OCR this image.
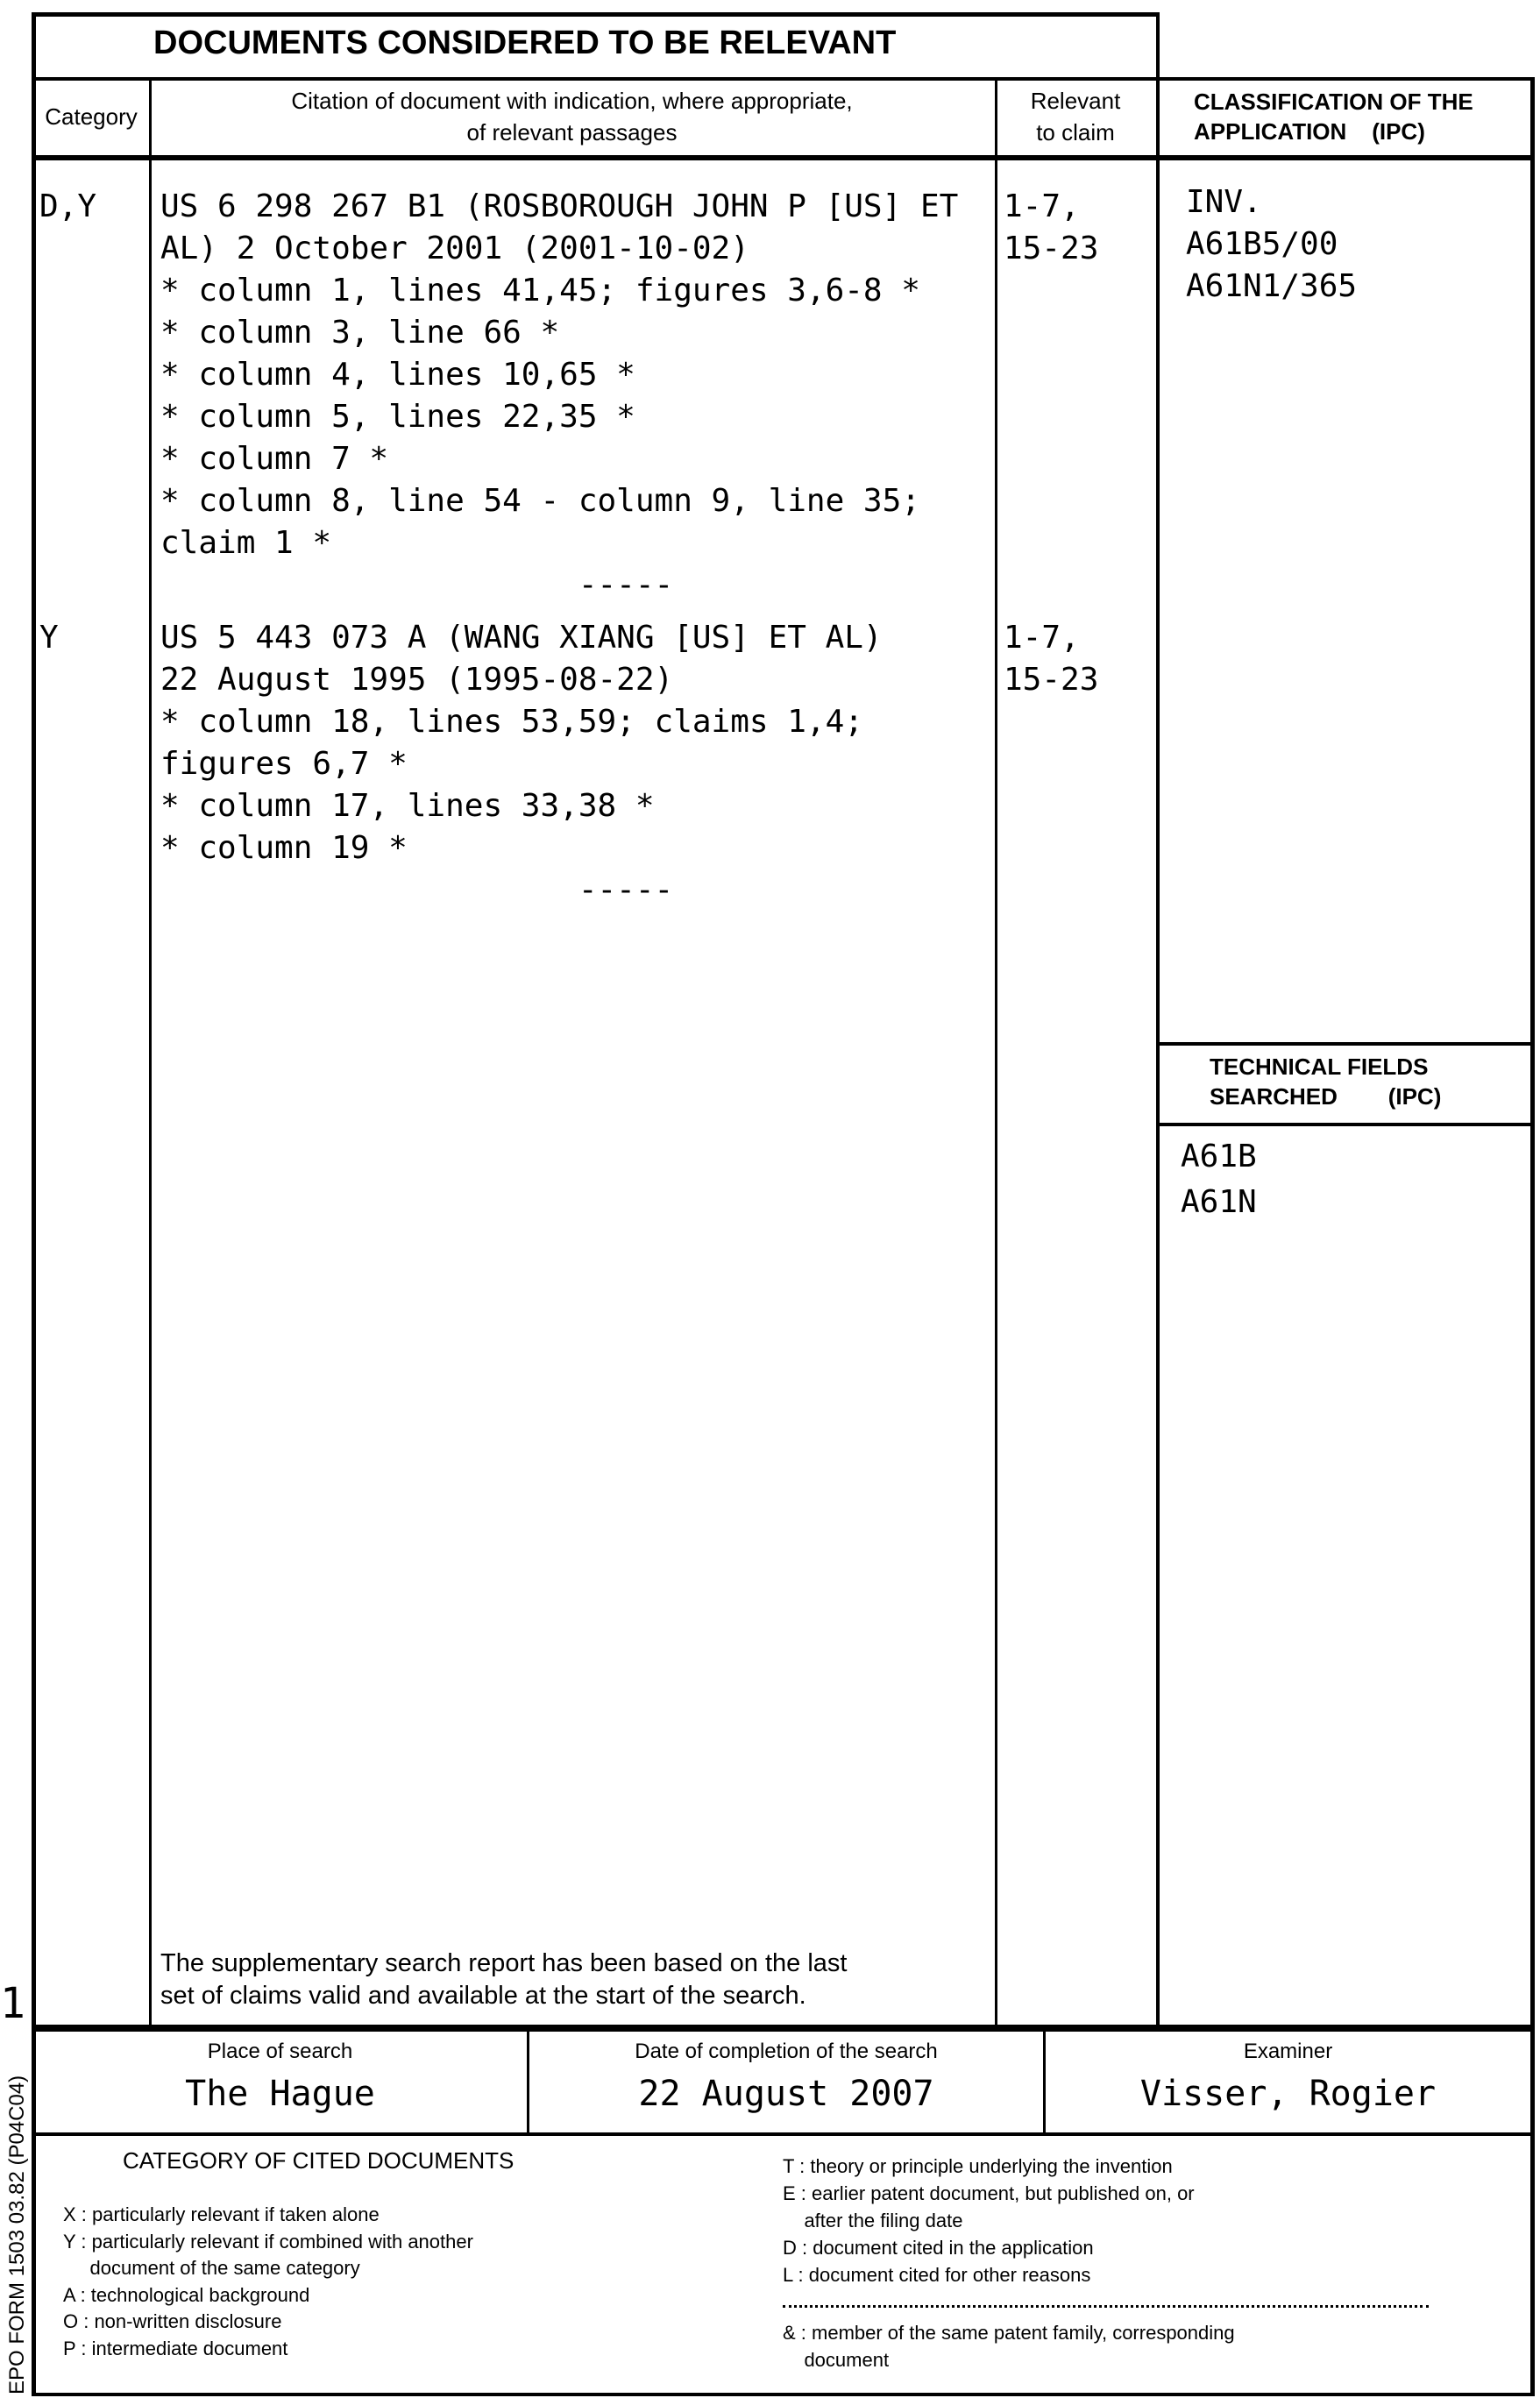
DOCUMENTS CONSIDERED TO BE RELEVANT
Category
Citation of document with indication, where appropriate,
of relevant passages
Relevant
to claim
CLASSIFICATION OF THE
APPLICATION    (IPC)
INV.
A61B5/00
A61N1/365
TECHNICAL FIELDS
SEARCHED        (IPC)
A61B
A61N
D,Y US 6 298 267 B1 (ROSBOROUGH JOHN P [US] ET
AL) 2 October 2001 (2001-10-02)
* column 1, lines 41,45; figures 3,6-8 *
* column 3, line 66 *
* column 4, lines 10,65 *
* column 5, lines 22,35 *
* column 7 *
* column 8, line 54 - column 9, line 35;
claim 1 *
-----
1-7,
15-23
Y	US 5 443 073 A (WANG XIANG [US] ET AL)
22 August 1995 (1995-08-22)
* column 18, lines 53,59; claims 1,4;
figures 6,7 *
* column 17, lines 33,38 *
* column 19 *
-----
1-7,
15-23
The supplementary search report has been based on the last
set of claims valid and available at the start of the search.
Place of search
The Hague
Date of completion of the search
22 August 2007
Examiner
Visser, Rogier
CATEGORY OF CITED DOCUMENTS
X : particularly relevant if taken alone
Y : particularly relevant if combined with another
document of the same category
A : technological background
O : non-written disclosure
P : intermediate document
T : theory or principle underlying the invention
E : earlier patent document, but published on, or
after the filing date
D : document cited in the application
L : document cited for other reasons
& : member of the same patent family, corresponding
document
1
EPO FORM 1503 03.82 (P04C04)
